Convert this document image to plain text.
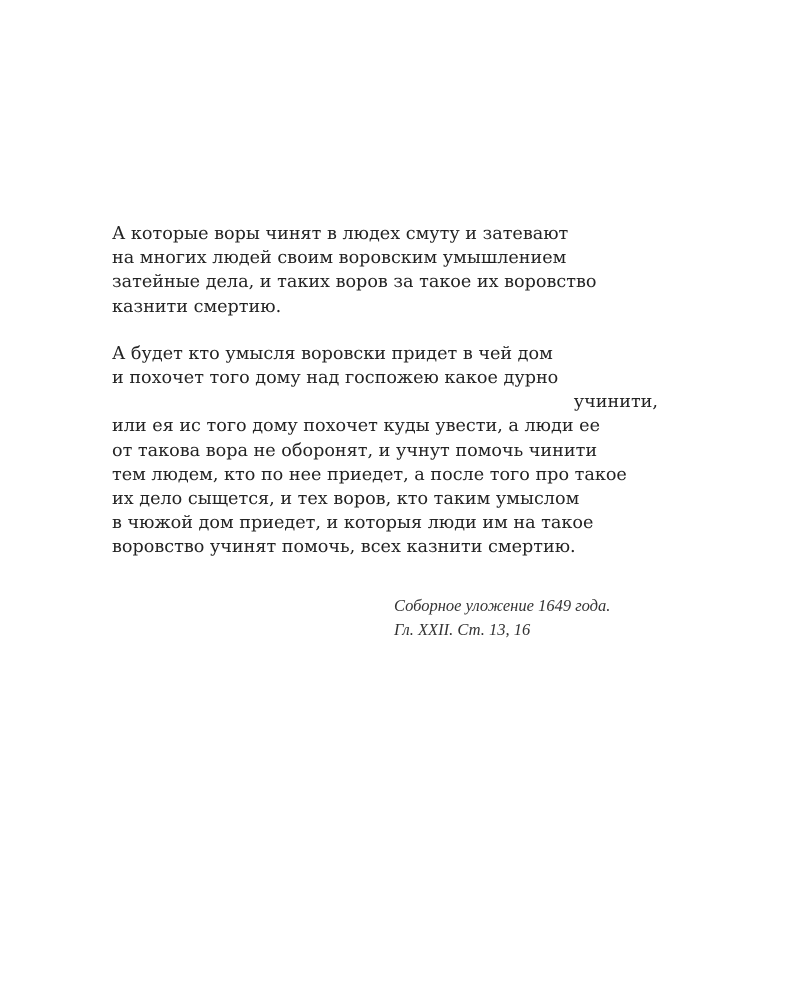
А которые воры чинят в людех смуту и затевают
на многих людей своим воровским умышлением
затейные дела, и таких воров за такое их воровство
казнити смертию.

А будет кто умысля воровски придет в чей дом
и похочет того дому над госпожею какое дурно
учинити,
или ея ис того дому похочет куды увести, а люди ее
от такова вора не оборонят, и учнут помочь чинити
тем людем, кто по нее приедет, а после того про такое
их дело сыщется, и тех воров, кто таким умыслом
в чюжой дом приедет, и которыя люди им на такое
воровство учинят помочь, всех казнити смертию.

Соборное уложение 1649 года.
Гл. XXII. Ст. 13, 16
